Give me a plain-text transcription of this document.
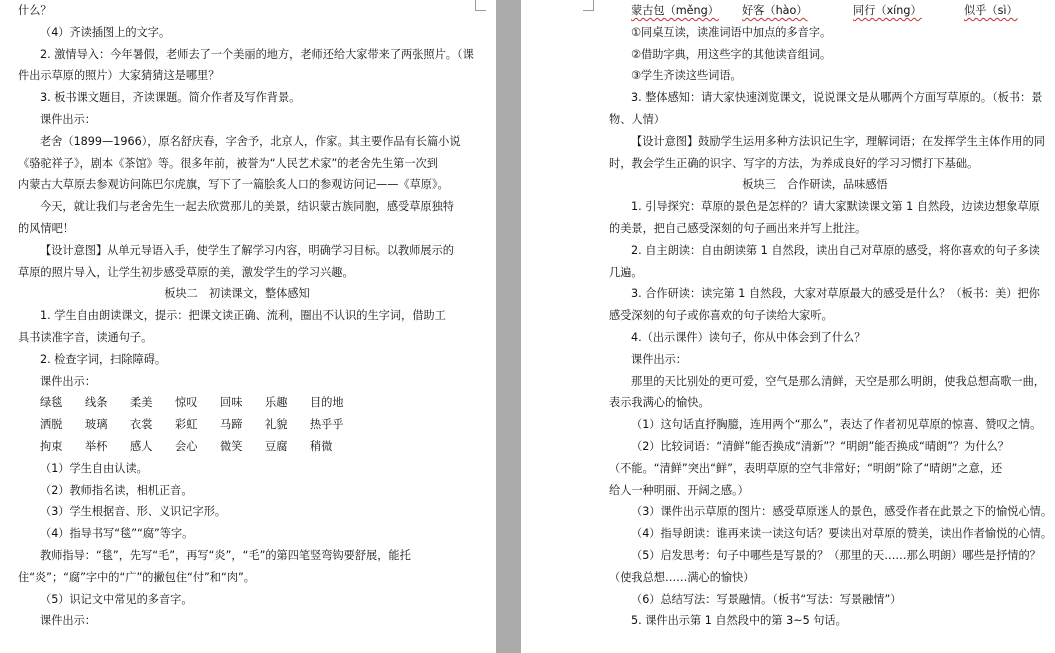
什么？
（4）齐读插图上的文字。
2. 激情导入：今年暑假，老师去了一个美丽的地方，老师还给大家带来了两张照片。（课
件出示草原的照片）大家猜猜这是哪里？
3. 板书课文题目，齐读课题。简介作者及写作背景。
课件出示：
老舍（1899—1966），原名舒庆春，字舍予，北京人，作家。其主要作品有长篇小说
《骆驼祥子》，剧本《茶馆》等。很多年前，被誉为“人民艺术家”的老舍先生第一次到
内蒙古大草原去参观访问陈巴尔虎旗，写下了一篇脍炙人口的参观访问记——《草原》。
今天，就让我们与老舍先生一起去欣赏那儿的美景，结识蒙古族同胞，感受草原独特
的风情吧！
【设计意图】从单元导语入手，使学生了解学习内容，明确学习目标。以教师展示的
草原的照片导入，让学生初步感受草原的美，激发学生的学习兴趣。
板块二　初读课文，整体感知
1. 学生自由朗读课文，提示：把课文读正确、流利，圈出不认识的生字词，借助工
具书读准字音，读通句子。
2. 检查字词，扫除障碍。
课件出示：
绿毯	线条	柔美	惊叹	回味	乐趣	目的地
洒脱	玻璃	衣裳	彩虹	马蹄	礼貌	热乎乎
拘束	举杯	感人	会心	微笑	豆腐	稍微
（1）学生自由认读。
（2）教师指名读，相机正音。
（3）学生根据音、形、义识记字形。
（4）指导书写“毯”“腐”等字。
教师指导：“毯”，先写“毛”，再写“炎”，“毛”的第四笔竖弯钩要舒展，能托
住“炎”；“腐”字中的“广”的撇包住“付”和“肉”。
（5）识记文中常见的多音字。
课件出示：
蒙古包（měng） 好客（hào）	同行（xíng）	似乎（sì）
①同桌互读，读准词语中加点的多音字。
②借助字典，用这些字的其他读音组词。
③学生齐读这些词语。
3. 整体感知：请大家快速浏览课文，说说课文是从哪两个方面写草原的。（板书：景
物、人情）
【设计意图】鼓励学生运用多种方法识记生字，理解词语；在发挥学生主体作用的同
时，教会学生正确的识字、写字的方法，为养成良好的学习习惯打下基础。
板块三　合作研读，品味感悟
1. 引导探究：草原的景色是怎样的？请大家默读课文第 1 自然段，边读边想象草原
的美景，把自己感受深刻的句子画出来并写上批注。
2. 自主朗读：自由朗读第 1 自然段，读出自己对草原的感受，将你喜欢的句子多读
几遍。
3. 合作研读：读完第 1 自然段，大家对草原最大的感受是什么？（板书：美）把你
感受深刻的句子或你喜欢的句子读给大家听。
4.（出示课件）读句子，你从中体会到了什么？
课件出示：
那里的天比别处的更可爱，空气是那么清鲜，天空是那么明朗，使我总想高歌一曲，
表示我满心的愉快。
（1）这句话直抒胸臆，连用两个“那么”，表达了作者初见草原的惊喜、赞叹之情。
（2）比较词语：“清鲜”能否换成“清新”？“明朗”能否换成“晴朗”？为什么？
（不能。“清鲜”突出“鲜”，表明草原的空气非常好；“明朗”除了“晴朗”之意，还
给人一种明丽、开阔之感。）
（3）课件出示草原的图片：感受草原迷人的景色，感受作者在此景之下的愉悦心情。
（4）指导朗读：谁再来读一读这句话？要读出对草原的赞美，读出作者愉悦的心情。
（5）启发思考：句子中哪些是写景的？（那里的天……那么明朗）哪些是抒情的？
（使我总想……满心的愉快）
（6）总结写法：写景融情。（板书“写法：写景融情”）
5. 课件出示第 1 自然段中的第 3~5 句话。
